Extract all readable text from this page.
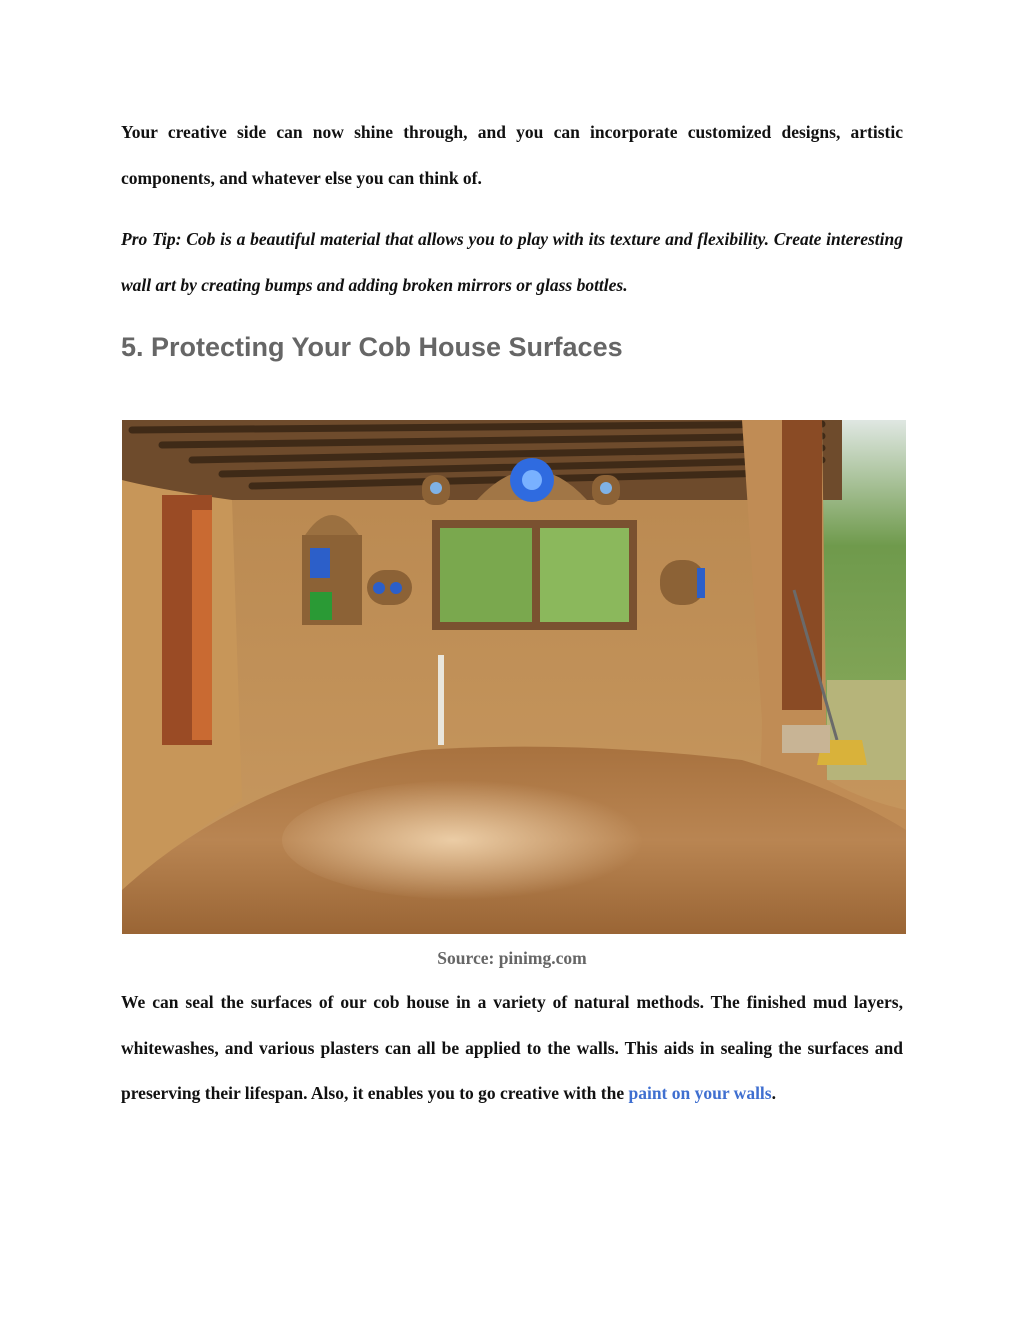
Your creative side can now shine through, and you can incorporate customized designs, artistic components, and whatever else you can think of.

Pro Tip: Cob is a beautiful material that allows you to play with its texture and flexibility. Create interesting wall art by creating bumps and adding broken mirrors or glass bottles.

5. Protecting Your Cob House Surfaces

Source: pinimg.com

We can seal the surfaces of our cob house in a variety of natural methods. The finished mud layers, whitewashes, and various plasters can all be applied to the walls. This aids in sealing the surfaces and preserving their lifespan. Also, it enables you to go creative with the paint on your walls.
